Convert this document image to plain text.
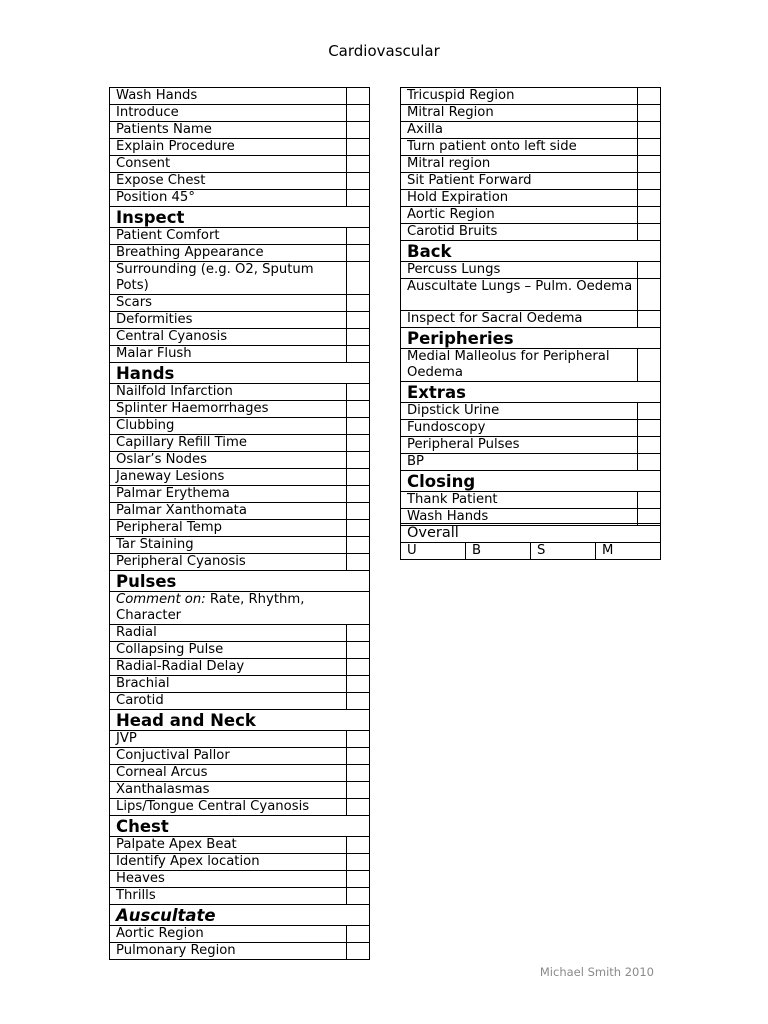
Cardiovascular
Wash Hands	
Introduce	
Patients Name	
Explain Procedure	
Consent	
Expose Chest	
Position 45°	
Inspect	
Patient Comfort	
Breathing Appearance	
Surrounding (e.g. O2, Sputum Pots)	
Scars	
Deformities	
Central Cyanosis	
Malar Flush	
Hands	
Nailfold Infarction	
Splinter Haemorrhages	
Clubbing	
Capillary Refill Time	
Oslar’s Nodes	
Janeway Lesions	
Palmar Erythema	
Palmar Xanthomata	
Peripheral Temp	
Tar Staining	
Peripheral Cyanosis	
Pulses	
Comment on: Rate, Rhythm, Character	
Radial	
Collapsing Pulse	
Radial-Radial Delay	
Brachial	
Carotid	
Head and Neck	
JVP	
Conjuctival Pallor	
Corneal Arcus	
Xanthalasmas	
Lips/Tongue Central Cyanosis	
Chest	
Palpate Apex Beat	
Identify Apex location	
Heaves	
Thrills	
Auscultate	
Aortic Region	
Pulmonary Region	
Tricuspid Region	
Mitral Region	
Axilla	
Turn patient onto left side	
Mitral region	
Sit Patient Forward	
Hold Expiration	
Aortic Region	
Carotid Bruits	
Back	
Percuss Lungs	
Auscultate Lungs – Pulm. Oedema	
Inspect for Sacral Oedema	
Peripheries	
Medial Malleolus for Peripheral Oedema	
Extras	
Dipstick Urine	
Fundoscopy	
Peripheral Pulses	
BP	
Closing	
Thank Patient	
Wash Hands	
Overall
U	B	S	M
Michael Smith 2010
